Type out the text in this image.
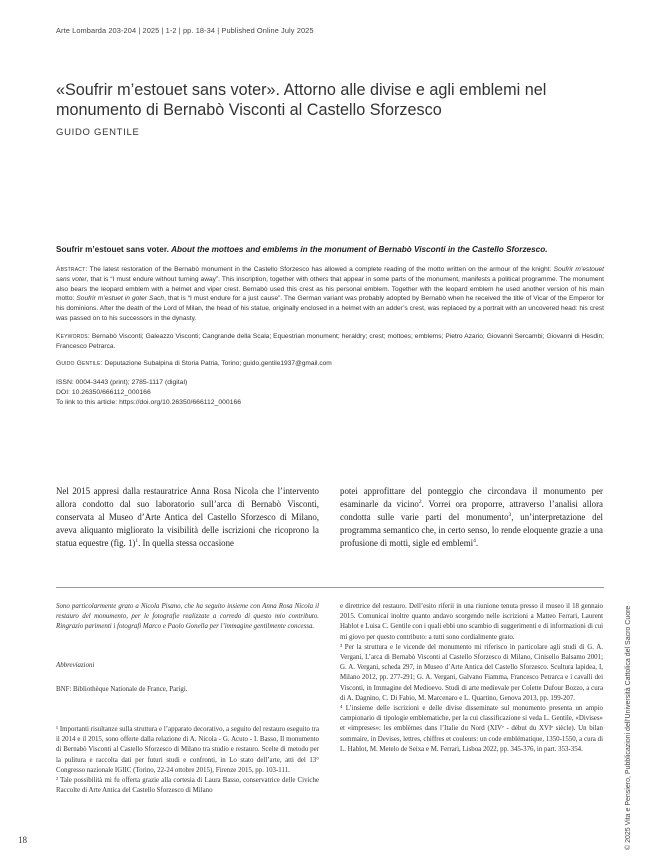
Arte Lombarda 203-204 | 2025 | 1-2 | pp. 18-34 | Published Online July 2025
«Soufrir m’estouet sans voter». Attorno alle divise e agli emblemi nel monumento di Bernabò Visconti al Castello Sforzesco
GUIDO GENTILE

Soufrir m’estouet sans voter. About the mottoes and emblems in the monument of Bernabò Visconti in the Castello Sforzesco.

Abstract: The latest restoration of the Bernabò monument in the Castello Sforzesco has allowed a complete reading of the motto written on the armour of the knight: Soufrir m’estouet sans voter, that is “I must endure without turning away”. This inscription, together with others that appear in some parts of the monument, manifests a political programme. The monument also bears the leopard emblem with a helmet and viper crest. Bernabò used this crest as his personal emblem. Together with the leopard emblem he used another version of his main motto: Soufrir m’estuet in goter Sach, that is “I must endure for a just cause”. The German variant was probably adopted by Bernabò when he received the title of Vicar of the Emperor for his dominions. After the death of the Lord of Milan, the head of his statue, originally enclosed in a helmet with an adder’s crest, was replaced by a portrait with an uncovered head: his crest was passed on to his successors in the dynasty.

Keywords: Bernabò Visconti; Galeazzo Visconti; Cangrande della Scala; Equestrian monument; heraldry; crest; mottoes; emblems; Pietro Azario; Giovanni Sercambi; Giovanni di Hesdin; Francesco Petrarca.

Guido Gentile: Deputazione Subalpina di Storia Patria, Torino; guido.gentile1937@gmail.com

ISSN: 0004-3443 (print); 2785-1117 (digital)
DOI: 10.26350/666112_000166
To link to this article: https://doi.org/10.26350/666112_000166

Nel 2015 appresi dalla restauratrice Anna Rosa Nicola che l’intervento allora condotto dal suo laboratorio sull’arca di Bernabò Visconti, conservata al Museo d’Arte Antica del Castello Sforzesco di Milano, aveva aliquanto migliorato la visibilità delle iscrizioni che ricoprono la statua equestre (fig. 1)$^1$. In quella stessa occasione

potei approfittare del ponteggio che circondava il monumento per esaminarle da vicino$^2$. Vorrei ora proporre, attraverso l’analisi allora condotta sulle varie parti del monumento$^3$, un’interpretazione del programma semantico che, in certo senso, lo rende eloquente grazie a una profusione di motti, sigle ed emblemi$^4$.

Sono particolarmente grato a Nicola Pisano, che ha seguito insieme con Anna Rosa Nicola il restauro del monumento, per le fotografie realizzate a corredo di questo mio contributo. Ringrazio parimenti i fotografi Marco e Paolo Gonella per l’immagine gentilmente concessa.

Abbreviazioni

BNF: Bibliothèque Nationale de France, Parigi.

¹ Importanti risultanze sulla struttura e l’apparato decorativo, a seguito del restauro eseguito tra il 2014 e il 2015, sono offerte dalla relazione di A. Nicola - G. Acuto - I. Basso, Il monumento di Bernabò Visconti al Castello Sforzesco di Milano tra studio e restauro. Scelte di metodo per la pulitura e raccolta dati per futuri studi e confronti, in Lo stato dell’arte, atti del 13° Congresso nazionale IGIIC (Torino, 22-24 ottobre 2015), Firenze 2015, pp. 103-111.

² Tale possibilità mi fu offerta grazie alla cortesia di Laura Basso, conservatrice delle Civiche Raccolte di Arte Antica del Castello Sforzesco di Milano

e direttrice del restauro. Dell’esito riferii in una riunione tenuta presso il museo il 18 gennaio 2015. Comunicai inoltre quanto andavo scorgendo nelle iscrizioni a Matteo Ferrari, Laurent Hablot e Luisa C. Gentile con i quali ebbi uno scambio di suggerimenti e di informazioni di cui mi giovo per questo contributo: a tutti sono cordialmente grato.

³ Per la struttura e le vicende del monumento mi riferisco in particolare agli studi di G. A. Vergani, L’arca di Bernabò Visconti al Castello Sforzesco di Milano, Cinisello Balsamo 2001; G. A. Vergani, scheda 297, in Museo d’Arte Antica del Castello Sforzesco. Scultura lapidea, I, Milano 2012, pp. 277-291; G. A. Vergani, Galvano Fiamma, Francesco Petrarca e i cavalli dei Visconti, in Immagine del Medioevo. Studi di arte medievale per Colette Dufour Bozzo, a cura di A. Dagnino, C. Di Fabio, M. Marcenaro e L. Quartino, Genova 2013, pp. 199-207.

⁴ L’insieme delle iscrizioni e delle divise disseminate sul monumento presenta un ampio campionario di tipologie emblematiche, per la cui classificazione si veda L. Gentile, «Divises» et «impreses»: les emblèmes dans l’Italie du Nord (XIVᵉ - début du XVIᵉ siècle). Un bilan sommaire, in Devises, lettres, chiffres et couleurs: un code emblématique, 1350-1550, a cura di L. Hablot, M. Metelo de Seixa e M. Ferrari, Lisboa 2022, pp. 345-376, in part. 353-354.

18	© 2025 Vita e Pensiero, Pubblicazioni dell’Università Cattolica del Sacro Cuore
